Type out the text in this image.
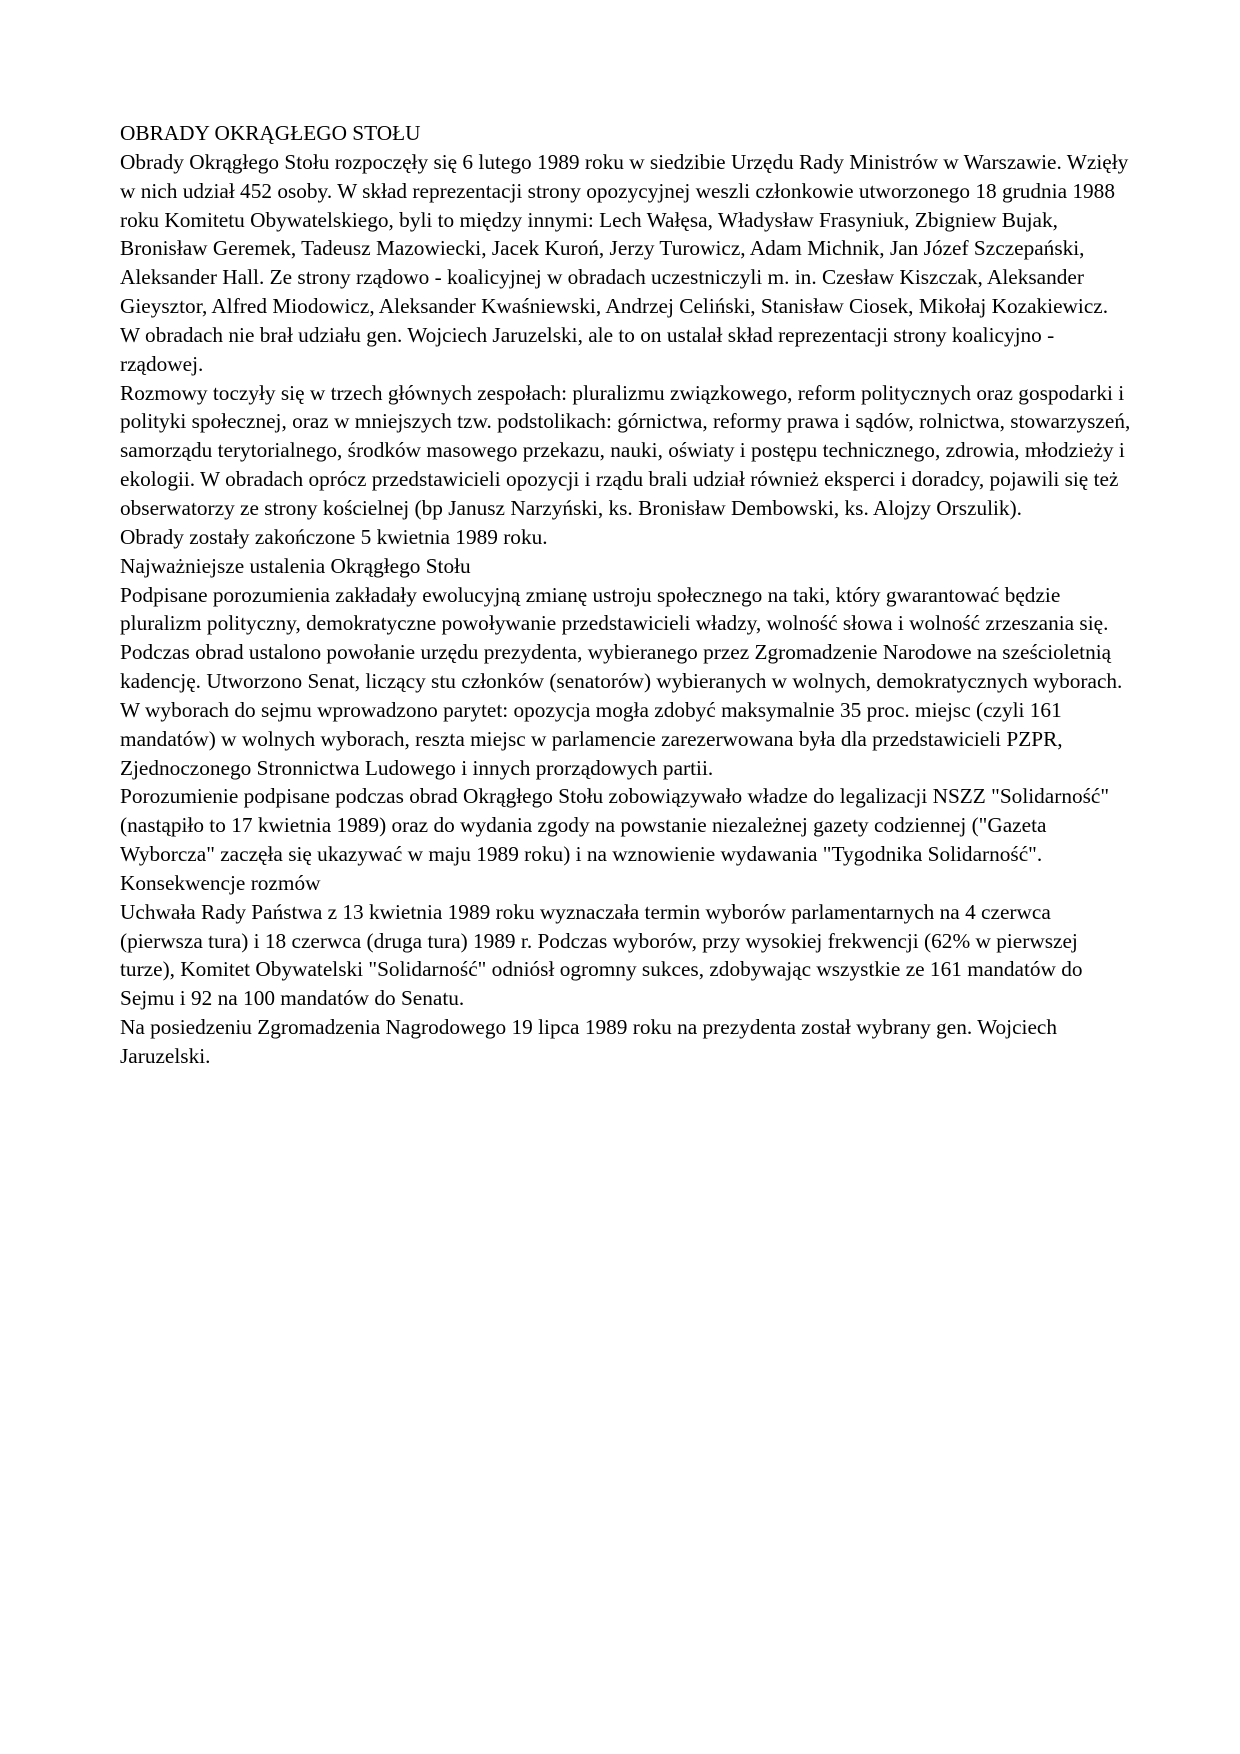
OBRADY OKRĄGŁEGO STOŁU

Obrady Okrągłego Stołu rozpoczęły się 6 lutego 1989 roku w siedzibie Urzędu Rady Ministrów w Warszawie. Wzięły w nich udział 452 osoby. W skład reprezentacji strony opozycyjnej weszli członkowie utworzonego 18 grudnia 1988 roku Komitetu Obywatelskiego, byli to między innymi: Lech Wałęsa, Władysław Frasyniuk, Zbigniew Bujak, Bronisław Geremek, Tadeusz Mazowiecki, Jacek Kuroń, Jerzy Turowicz, Adam Michnik, Jan Józef Szczepański, Aleksander Hall. Ze strony rządowo - koalicyjnej w obradach uczestniczyli m. in. Czesław Kiszczak, Aleksander Gieysztor, Alfred Miodowicz, Aleksander Kwaśniewski, Andrzej Celiński, Stanisław Ciosek, Mikołaj Kozakiewicz. W obradach nie brał udziału gen. Wojciech Jaruzelski, ale to on ustalał skład reprezentacji strony koalicyjno - rządowej.

Rozmowy toczyły się w trzech głównych zespołach: pluralizmu związkowego, reform politycznych oraz gospodarki i polityki społecznej, oraz w mniejszych tzw. podstolikach: górnictwa, reformy prawa i sądów, rolnictwa, stowarzyszeń, samorządu terytorialnego, środków masowego przekazu, nauki, oświaty i postępu technicznego, zdrowia, młodzieży i ekologii. W obradach oprócz przedstawicieli opozycji i rządu brali udział również eksperci i doradcy, pojawili się też obserwatorzy ze strony kościelnej (bp Janusz Narzyński, ks. Bronisław Dembowski, ks. Alojzy Orszulik).

Obrady zostały zakończone 5 kwietnia 1989 roku.

Najważniejsze ustalenia Okrągłego Stołu

Podpisane porozumienia zakładały ewolucyjną zmianę ustroju społecznego na taki, który gwarantować będzie pluralizm polityczny, demokratyczne powoływanie przedstawicieli władzy, wolność słowa i wolność zrzeszania się.

Podczas obrad ustalono powołanie urzędu prezydenta, wybieranego przez Zgromadzenie Narodowe na sześcioletnią kadencję. Utworzono Senat, liczący stu członków (senatorów) wybieranych w wolnych, demokratycznych wyborach. W wyborach do sejmu wprowadzono parytet: opozycja mogła zdobyć maksymalnie 35 proc. miejsc (czyli 161 mandatów) w wolnych wyborach, reszta miejsc w parlamencie zarezerwowana była dla przedstawicieli PZPR, Zjednoczonego Stronnictwa Ludowego i innych prorządowych partii.

Porozumienie podpisane podczas obrad Okrągłego Stołu zobowiązywało władze do legalizacji NSZZ "Solidarność" (nastąpiło to 17 kwietnia 1989) oraz do wydania zgody na powstanie niezależnej gazety codziennej ("Gazeta Wyborcza" zaczęła się ukazywać w maju 1989 roku) i na wznowienie wydawania "Tygodnika Solidarność".

Konsekwencje rozmów

Uchwała Rady Państwa z 13 kwietnia 1989 roku wyznaczała termin wyborów parlamentarnych na 4 czerwca (pierwsza tura) i 18 czerwca (druga tura) 1989 r. Podczas wyborów, przy wysokiej frekwencji (62% w pierwszej turze), Komitet Obywatelski "Solidarność" odniósł ogromny sukces, zdobywając wszystkie ze 161 mandatów do Sejmu i 92 na 100 mandatów do Senatu.

Na posiedzeniu Zgromadzenia Nagrodowego 19 lipca 1989 roku na prezydenta został wybrany gen. Wojciech Jaruzelski.
